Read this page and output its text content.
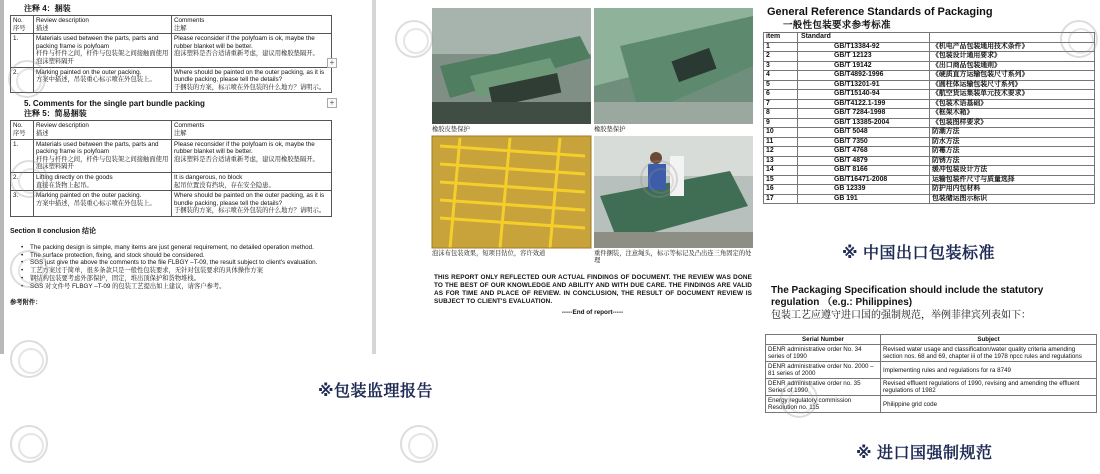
注释 4：捆装
No.
序号	Review description
描述	Comments
注解

1.	Materials used between the parts, parts and packing frame is polyfoam
杆件与杆件之间，杆件与包装架之间接触面使用泡沫塑料隔开	Please reconsider if the polyfoam is ok, maybe the rubber blanket will be better.
泡沫塑料是否合适请重新考虑，建议用橡胶垫隔开。

2.	Marking painted on the outer packing.
方案中描述，吊装重心标示喷在外包装上。	Where should be painted on the outer packing, as it is bundle packing, please tell the details?
于捆装的方案，标示喷在外包装的什么地方？请明示。
5. Comments for the single part bundle packing
注释 5：简易捆装
No.
序号	Review description
描述	Comments
注解

1.	Materials used between the parts, parts and packing frame is polyfoam
杆件与杆件之间，杆件与包装架之间接触面使用泡沫塑料隔开	Please reconsider if the polyfoam is ok, maybe the rubber blanket will be better.
泡沫塑料是否合适请重新考虑，建议用橡胶垫隔开。

2.	Lifting directly on the goods
直接在货物上起吊。	It is dangerous, no block
起吊位置没有挡块，存在安全隐患。

3.	Marking painted on the outer packing.
方案中描述，吊装重心标示喷在外包装上。	Where should be painted on the outer packing, as it is bundle packing, please tell the details?
于捆装的方案，标示喷在外包装的什么地方？请明示。
Section II conclusion 结论
• The packing design is simple, many items are just general requirement, no detailed operation method.
• The surface protection, fixing, and stock should be considered.
• SGS just give the above the comments to the file FLBGY –T-09, the result subject to client's evaluation.
• 工艺方案过于简单，很多条款只是一般性包装要求，无针对包装要求的具体操作方案
• 钢结构包装要考虑外部保护，固定，堆出顶保护和货物堆栈。
• SGS 对文件号 FLBGY –T-09 的包装工艺提出如上建议，请客户参考。
参考附件：
+
+
橡胶皮垫保护	橡胶垫保护
泡沫布包装效果，短项目钻位，容许效道	重件捆装，注意绳头，标示等标记及凸出连三角固定的处理
THIS REPORT ONLY REFLECTED OUR ACTUAL FINDINGS OF DOCUMENT. THE REVIEW WAS DONE TO THE BEST OF OUR KNOWLEDGE AND ABILITY AND WITH DUE CARE. THE FINDINGS ARE VALID AS FOR TIME AND PLACE OF REVIEW. IN CONCLUSION, THE RESULT OF DOCUMENT REVIEW IS SUBJECT TO CLIENT'S EVALUATION.
-----End of report-----
General Reference Standards of Packaging
一般性包装要求参考标准
item	Standard	
1	GB/T13384-92	《机电产品包装通用技术条件》
2	GB/T 12123	《包装设计通用要求》
3	GB/T 19142	《出口商品包装通则》
4	GB/T4892-1996	《硬质直方运输包装尺寸系列》
5	GB/T13201-91	《圆柱体运输包装尺寸系列》
6	GB/T15140-94	《航空货运集装单元技术要求》
7	GB/T4122.1-199	《包装术语基础》
8	GB/T 7284-1998	《框架木箱》
9	GB/T 13385-2004	《包装图样要求》
10	GB/T 5048	防潮方法
11	GB/T 7350	防水方法
12	GB/T 4768	防霉方法
13	GB/T 4879	防锈方法
14	GB/T 8166	缓冲包装设计方法
15	GB/T16471-2008	运输包装件尺寸与质量选择
16	GB 12339	防护用内包材料
17	GB 191	包装储运图示标识
The Packaging Specification should include the statutory regulation （e.g.: Philippines)
包装工艺应遵守进口国的强制规范，举例菲律宾列表如下：
Serial Number	Subject
DENR administrative order No. 34 series of 1990	Revised water usage and classification/water quality criteria amending section nos. 68 and 69, chapter iii of the 1978 npcc rules and regulations
DENR administrative order No. 2000 – 81 series of 2000	Implementing rules and regulations for ra 8749
DENR administrative order no. 35 Series of 1990	Revised effluent regulations of 1990, revising and amending the effluent regulations of 1982
Energy regulatory commission Resolution no. 115	Philippine grid code
※ 中国出口包装标准
※包装监理报告
※ 进口国强制规范
